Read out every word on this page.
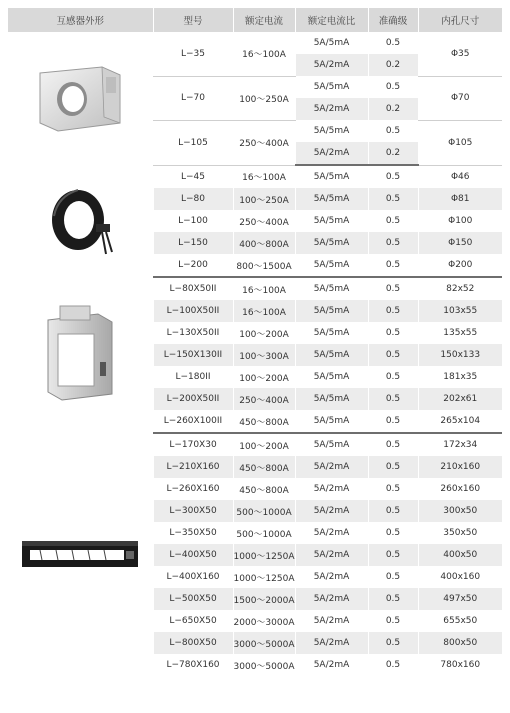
互感器外形	型号	额定电流	额定电流比	准确级	内孔尺寸

	L−35	16～100A	5A/5mA	0.5	Φ35
			5A/2mA	0.2	
	L−70	100～250A	5A/5mA	0.5	Φ70
			5A/2mA	0.2	
	L−105	250～400A	5A/5mA	0.5	Φ105
			5A/2mA	0.2	

	L−45	16～100A	5A/5mA	0.5	Φ46
	L−80	100～250A	5A/5mA	0.5	Φ81
	L−100	250～400A	5A/5mA	0.5	Φ100
	L−150	400～800A	5A/5mA	0.5	Φ150
	L−200	800～1500A	5A/5mA	0.5	Φ200

	L−80X50II	16～100A	5A/5mA	0.5	82x52
	L−100X50II	16～100A	5A/5mA	0.5	103x55
	L−130X50II	100～200A	5A/5mA	0.5	135x55
	L−150X130II	100～300A	5A/5mA	0.5	150x133
	L−180II	100～200A	5A/5mA	0.5	181x35
	L−200X50II	250～400A	5A/5mA	0.5	202x61
	L−260X100II	450～800A	5A/5mA	0.5	265x104

	L−170X30	100～200A	5A/5mA	0.5	172x34
	L−210X160	450～800A	5A/2mA	0.5	210x160
	L−260X160	450～800A	5A/2mA	0.5	260x160
	L−300X50	500～1000A	5A/2mA	0.5	300x50
	L−350X50	500～1000A	5A/2mA	0.5	350x50
	L−400X50	1000～1250A	5A/2mA	0.5	400x50
	L−400X160	1000～1250A	5A/2mA	0.5	400x160
	L−500X50	1500～2000A	5A/2mA	0.5	497x50
	L−650X50	2000～3000A	5A/2mA	0.5	655x50
	L−800X50	3000～5000A	5A/2mA	0.5	800x50
	L−780X160	3000～5000A	5A/2mA	0.5	780x160
